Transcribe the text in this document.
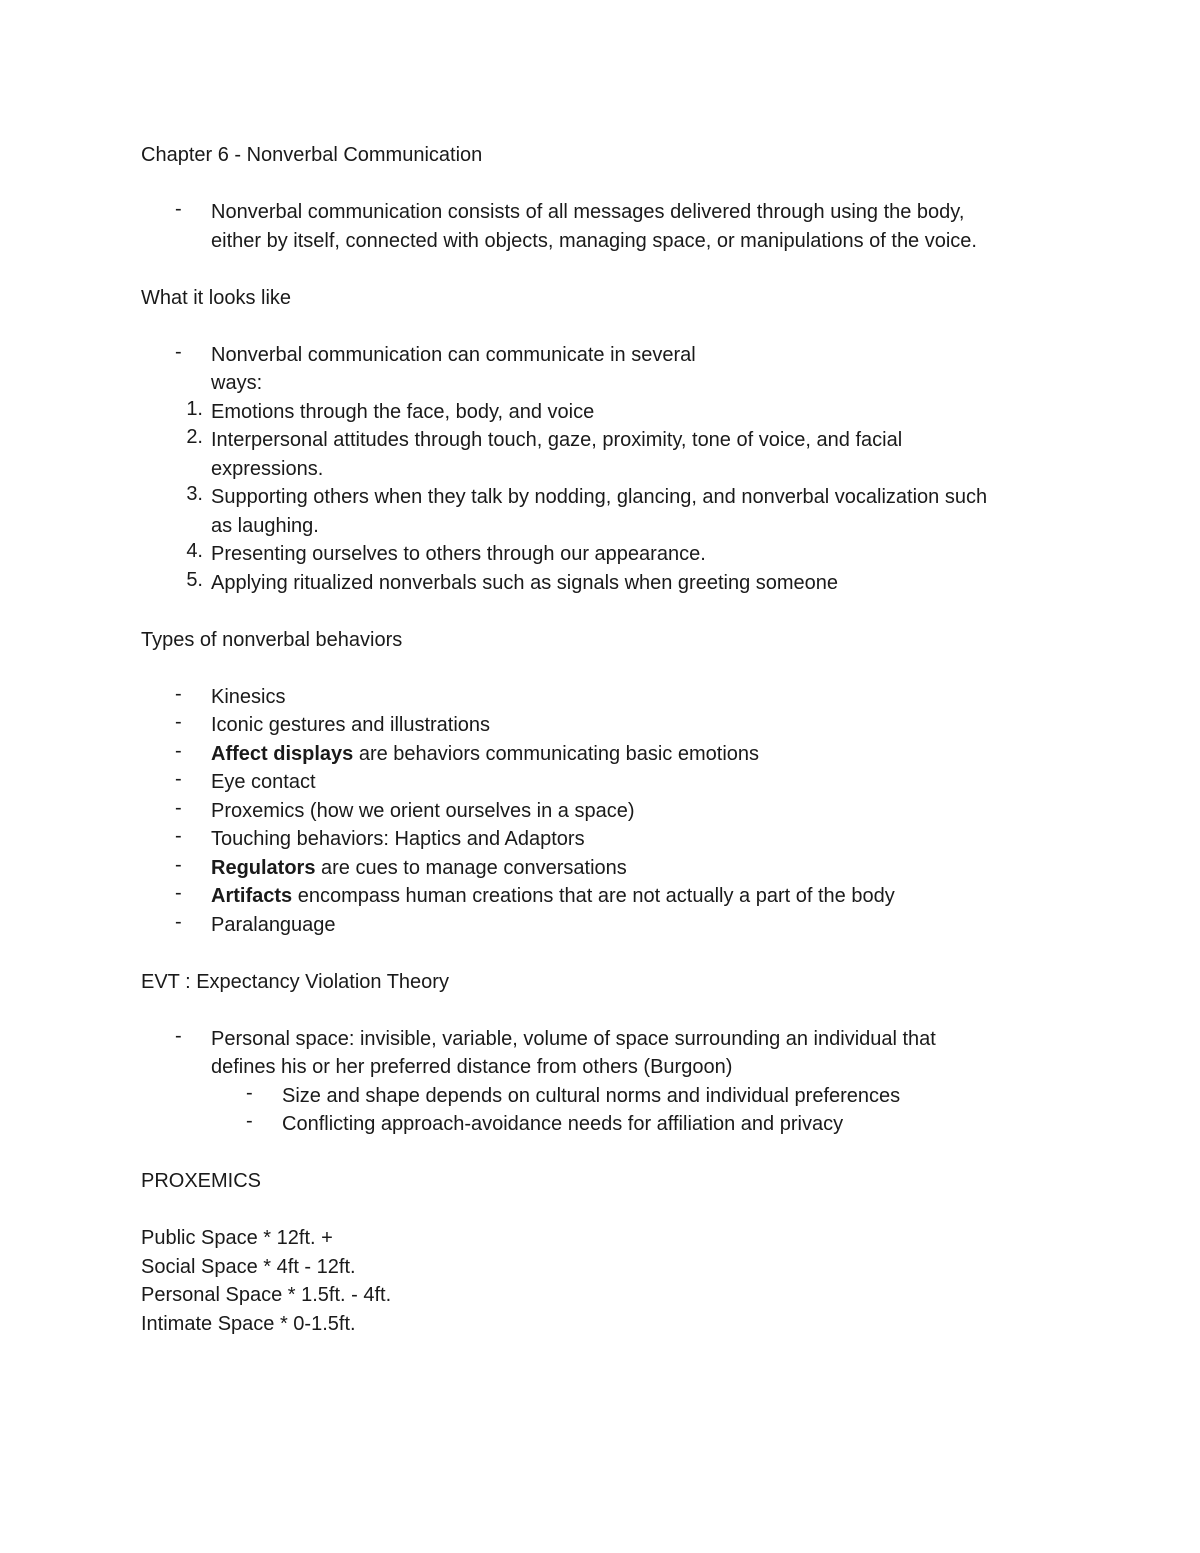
Chapter 6 - Nonverbal Communication
-	Nonverbal communication consists of all messages delivered through using the body,
either by itself, connected with objects, managing space, or manipulations of the voice.
What it looks like
-	Nonverbal communication can communicate in several
ways:
1. Emotions through the face, body, and voice
2. Interpersonal attitudes through touch, gaze, proximity, tone of voice, and facial
expressions.
3. Supporting others when they talk by nodding, glancing, and nonverbal vocalization such
as laughing.
4. Presenting ourselves to others through our appearance.
5. Applying ritualized nonverbals such as signals when greeting someone
Types of nonverbal behaviors
-	Kinesics
-	Iconic gestures and illustrations
-	Affect displays are behaviors communicating basic emotions
-	Eye contact
-	Proxemics (how we orient ourselves in a space)
-	Touching behaviors: Haptics and Adaptors
-	Regulators are cues to manage conversations
-	Artifacts encompass human creations that are not actually a part of the body
-	Paralanguage
EVT : Expectancy Violation Theory
-	Personal space: invisible, variable, volume of space surrounding an individual that
defines his or her preferred distance from others (Burgoon)
-	Size and shape depends on cultural norms and individual preferences
-	Conflicting approach-avoidance needs for affiliation and privacy
PROXEMICS
Public Space * 12ft. +
Social Space * 4ft - 12ft.
Personal Space * 1.5ft. - 4ft.
Intimate Space * 0-1.5ft.
